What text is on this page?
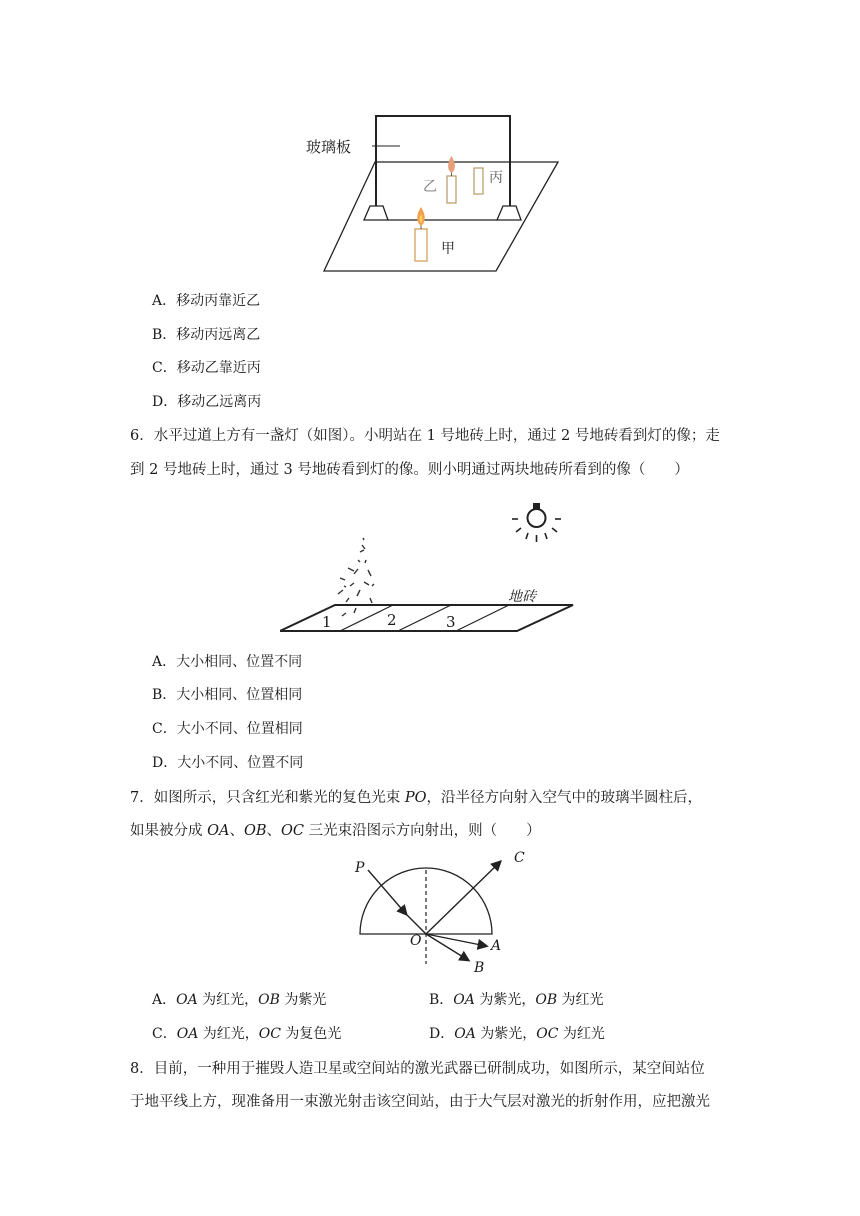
玻璃板
乙
丙
甲
A．移动丙靠近乙
B．移动丙远离乙
C．移动乙靠近丙
D．移动乙远离丙
6．水平过道上方有一盏灯（如图）。小明站在 1 号地砖上时，通过 2 号地砖看到灯的像；走
到 2 号地砖上时，通过 3 号地砖看到灯的像。则小明通过两块地砖所看到的像（　　）
地砖
1	2	3
A．大小相同、位置不同
B．大小相同、位置相同
C．大小不同、位置相同
D．大小不同、位置不同
7．如图所示，只含红光和紫光的复色光束 PO，沿半径方向射入空气中的玻璃半圆柱后，
如果被分成 OA、OB、OC 三光束沿图示方向射出，则（　　）
P
C
O	A
B
A．OA 为红光，OB 为紫光	B．OA 为紫光，OB 为红光
C．OA 为红光，OC 为复色光	D．OA 为紫光，OC 为红光
8．目前，一种用于摧毁人造卫星或空间站的激光武器已研制成功，如图所示，某空间站位
于地平线上方，现准备用一束激光射击该空间站，由于大气层对激光的折射作用，应把激光
